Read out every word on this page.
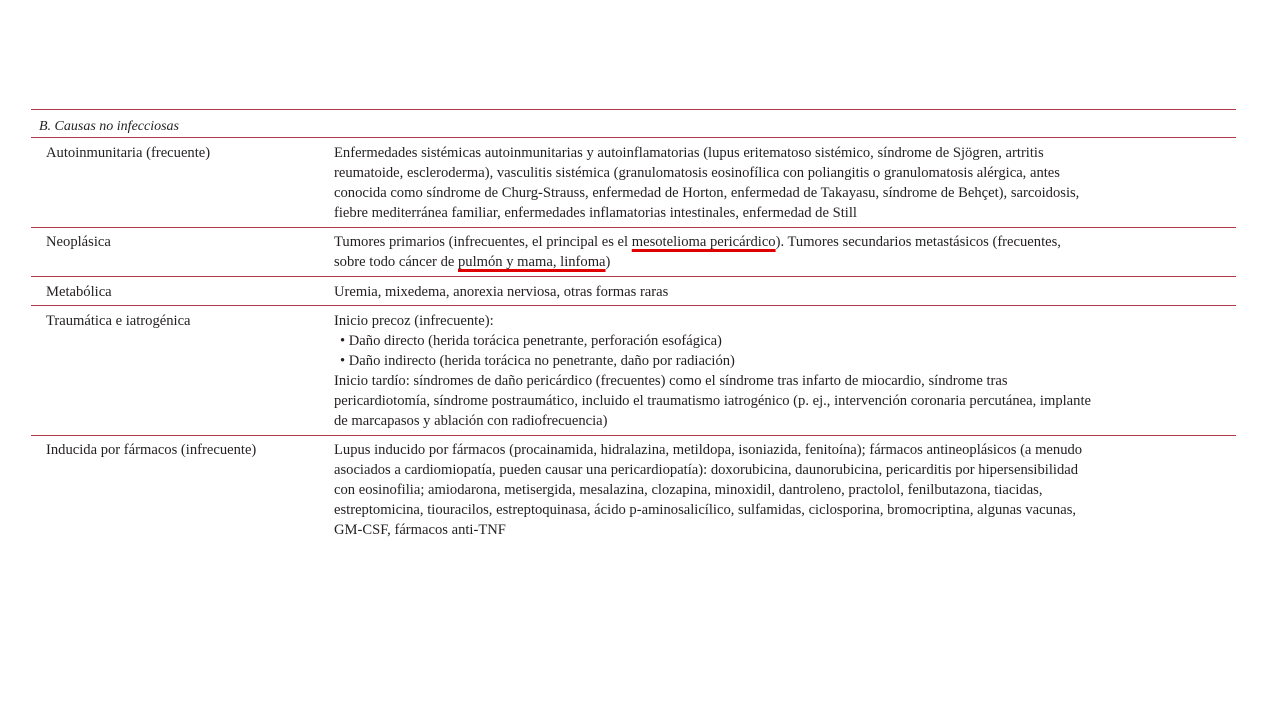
B. Causas no infecciosas
Autoinmunitaria (frecuente)	Enfermedades sistémicas autoinmunitarias y autoinflamatorias (lupus eritematoso sistémico, síndrome de Sjögren, artritis
reumatoide, escleroderma), vasculitis sistémica (granulomatosis eosinofílica con poliangitis o granulomatosis alérgica, antes
conocida como síndrome de Churg-Strauss, enfermedad de Horton, enfermedad de Takayasu, síndrome de Behçet), sarcoidosis,
fiebre mediterránea familiar, enfermedades inflamatorias intestinales, enfermedad de Still
Neoplásica	Tumores primarios (infrecuentes, el principal es el mesotelioma pericárdico). Tumores secundarios metastásicos (frecuentes,
sobre todo cáncer de pulmón y mama, linfoma)
Metabólica	Uremia, mixedema, anorexia nerviosa, otras formas raras
Traumática e iatrogénica	Inicio precoz (infrecuente):
• Daño directo (herida torácica penetrante, perforación esofágica)
• Daño indirecto (herida torácica no penetrante, daño por radiación)
Inicio tardío: síndromes de daño pericárdico (frecuentes) como el síndrome tras infarto de miocardio, síndrome tras
pericardiotomía, síndrome postraumático, incluido el traumatismo iatrogénico (p. ej., intervención coronaria percutánea, implante
de marcapasos y ablación con radiofrecuencia)
Inducida por fármacos (infrecuente)	Lupus inducido por fármacos (procainamida, hidralazina, metildopa, isoniazida, fenitoína); fármacos antineoplásicos (a menudo
asociados a cardiomiopatía, pueden causar una pericardiopatía): doxorubicina, daunorubicina, pericarditis por hipersensibilidad
con eosinofilia; amiodarona, metisergida, mesalazina, clozapina, minoxidil, dantroleno, practolol, fenilbutazona, tiacidas,
estreptomicina, tiouracilos, estreptoquinasa, ácido p-aminosalicílico, sulfamidas, ciclosporina, bromocriptina, algunas vacunas,
GM-CSF, fármacos anti-TNF
